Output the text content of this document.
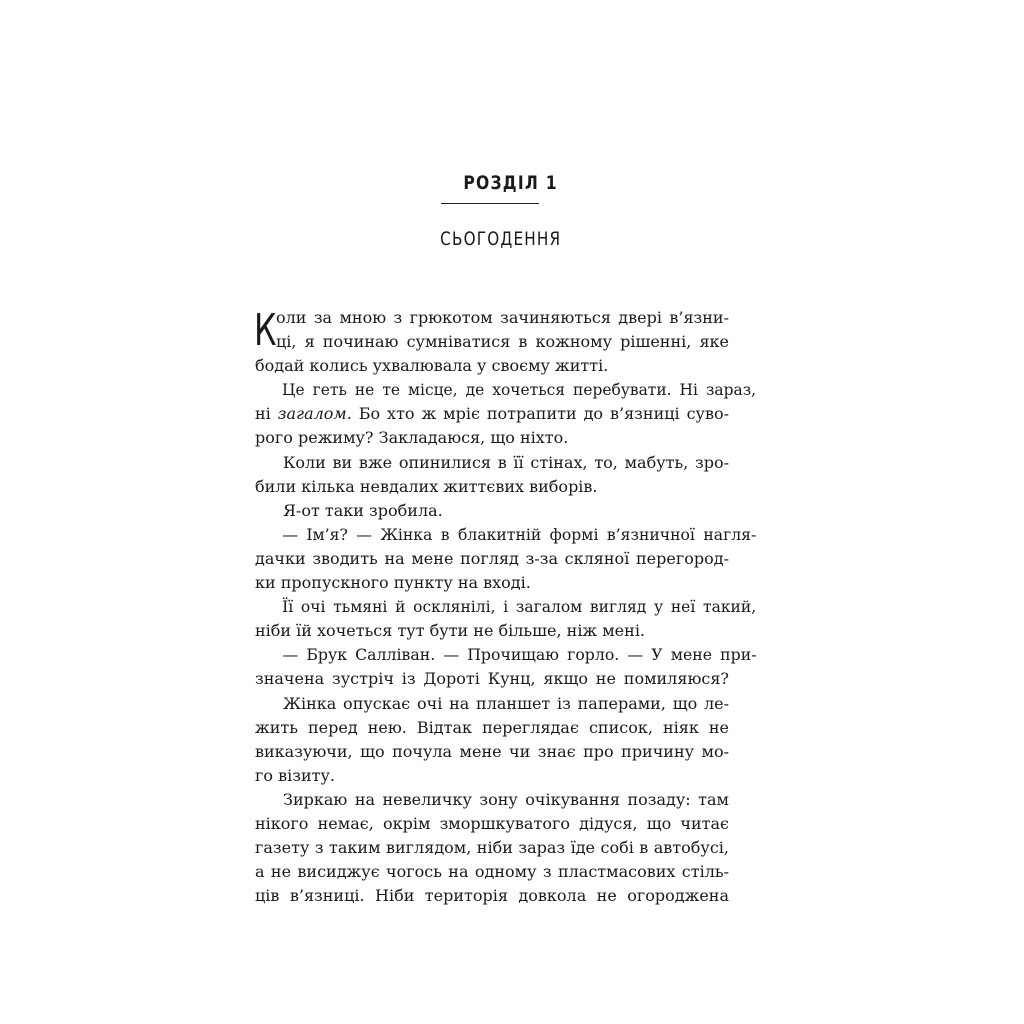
РОЗДІЛ 1
СЬОГОДЕННЯ
К оли за мною з грюкотом зачиняються двері в’язни-
ці, я починаю сумніватися в кожному рішенні, яке
бодай колись ухвалювала у своєму житті.
Це геть не те місце, де хочеться перебувати. Ні зараз,
ні загалом. Бо хто ж мріє потрапити до в’язниці суво-
рого режиму? Закладаюся, що ніхто.
Коли ви вже опинилися в її стінах, то, мабуть, зро-
били кілька невдалих життєвих виборів.
Я-от таки зробила.
— Ім’я? — Жінка в блакитній формі в’язничної нагля-
дачки зводить на мене погляд з-за скляної перегород-
ки пропускного пункту на вході.
Її очі тьмяні й осклянілі, і загалом вигляд у неї такий,
ніби їй хочеться тут бути не більше, ніж мені.
— Брук Салліван. — Прочищаю горло. — У мене при-
значена зустріч із Дороті Кунц, якщо не помиляюся?
Жінка опускає очі на планшет із паперами, що ле-
жить перед нею. Відтак переглядає список, ніяк не
виказуючи, що почула мене чи знає про причину мо-
го візиту.
Зиркаю на невеличку зону очікування позаду: там
нікого немає, окрім зморшкуватого дідуся, що читає
газету з таким виглядом, ніби зараз їде собі в автобусі,
а не висиджує чогось на одному з пластмасових стіль-
ців в’язниці. Ніби територія довкола не огороджена
